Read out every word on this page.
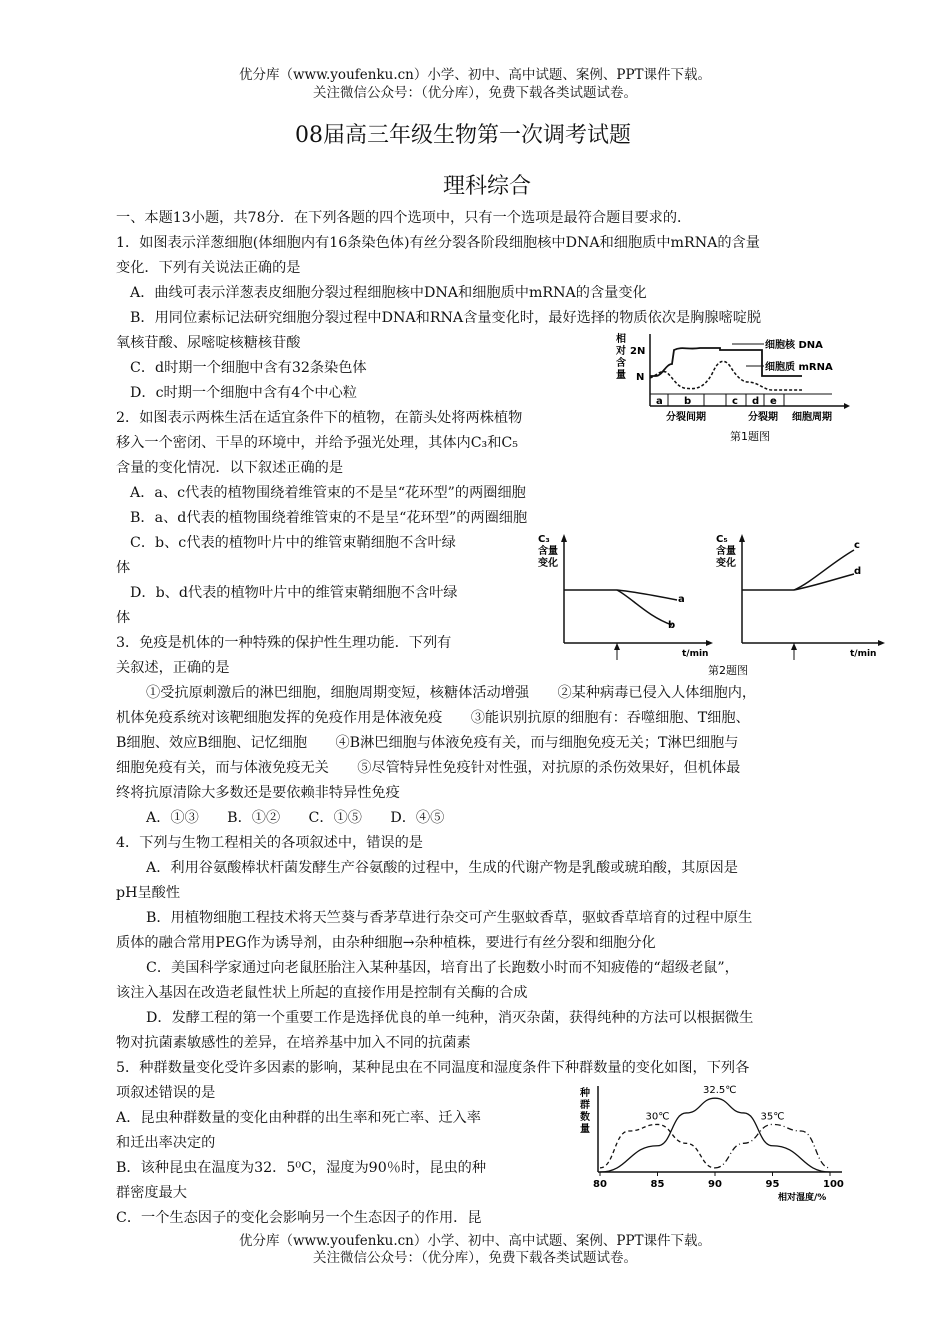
优分库（www.youfenku.cn）小学、初中、高中试题、案例、PPT课件下载。
关注微信公众号：（优分库），免费下载各类试题试卷。
08届高三年级生物第一次调考试题
理科综合
一、本题13小题，共78分．在下列各题的四个选项中，只有一个选项是最符合题目要求的．
1．如图表示洋葱细胞(体细胞内有16条染色体)有丝分裂各阶段细胞核中DNA和细胞质中mRNA的含量
变化．下列有关说法正确的是
A．曲线可表示洋葱表皮细胞分裂过程细胞核中DNA和细胞质中mRNA的含量变化
B．用同位素标记法研究细胞分裂过程中DNA和RNA含量变化时，最好选择的物质依次是胸腺嘧啶脱
氧核苷酸、尿嘧啶核糖核苷酸
C．d时期一个细胞中含有32条染色体
D．c时期一个细胞中含有4个中心粒
相
对
含
量
2N
N
细胞核 DNA
细胞质 mRNA
a b	c d e
分裂间期	分裂期 细胞周期
第1题图
2．如图表示两株生活在适宜条件下的植物，在箭头处将两株植物
移入一个密闭、干旱的环境中，并给予强光处理，其体内C₃和C₅
含量的变化情况．以下叙述正确的是
A．a、c代表的植物围绕着维管束的不是呈“花环型”的两圈细胞
B．a、d代表的植物围绕着维管束的不是呈“花环型”的两圈细胞
C．b、c代表的植物叶片中的维管束鞘细胞不含叶绿
体
D．b、d代表的植物叶片中的维管束鞘细胞不含叶绿
体
C₃
含量
变化
a
b
t/min
C₅
含量
变化
c
d
t/min
第2题图
3．免疫是机体的一种特殊的保护性生理功能．下列有
关叙述，正确的是
①受抗原刺激后的淋巴细胞，细胞周期变短，核糖体活动增强　　②某种病毒已侵入人体细胞内，
机体免疫系统对该靶细胞发挥的免疫作用是体液免疫　　③能识别抗原的细胞有：吞噬细胞、T细胞、
B细胞、效应B细胞、记忆细胞　　④B淋巴细胞与体液免疫有关，而与细胞免疫无关；T淋巴细胞与
细胞免疫有关，而与体液免疫无关　　⑤尽管特异性免疫针对性强，对抗原的杀伤效果好，但机体最
终将抗原清除大多数还是要依赖非特异性免疫
A．①③　　B．①②　　C．①⑤　　D．④⑤
4．下列与生物工程相关的各项叙述中，错误的是
A．利用谷氨酸棒状杆菌发酵生产谷氨酸的过程中，生成的代谢产物是乳酸或琥珀酸，其原因是
pH呈酸性
B．用植物细胞工程技术将天竺葵与香茅草进行杂交可产生驱蚊香草，驱蚊香草培育的过程中原生
质体的融合常用PEG作为诱导剂，由杂种细胞→杂种植株，要进行有丝分裂和细胞分化
C．美国科学家通过向老鼠胚胎注入某种基因，培育出了长跑数小时而不知疲倦的“超级老鼠”，
该注入基因在改造老鼠性状上所起的直接作用是控制有关酶的合成
D．发酵工程的第一个重要工作是选择优良的单一纯种，消灭杂菌，获得纯种的方法可以根据微生
物对抗菌素敏感性的差异，在培养基中加入不同的抗菌素
5．种群数量变化受许多因素的影响，某种昆虫在不同温度和湿度条件下种群数量的变化如图，下列各
项叙述错误的是
A．昆虫种群数量的变化由种群的出生率和死亡率、迁入率
和迁出率决定的
B．该种昆虫在温度为32．5⁰C，湿度为90％时，昆虫的种
群密度最大
C．一个生态因子的变化会影响另一个生态因子的作用．昆
种
群
数
量
30℃
32.5℃
35℃
80	85	90	95	100
相对湿度/%
优分库（www.youfenku.cn）小学、初中、高中试题、案例、PPT课件下载。
关注微信公众号：（优分库），免费下载各类试题试卷。
